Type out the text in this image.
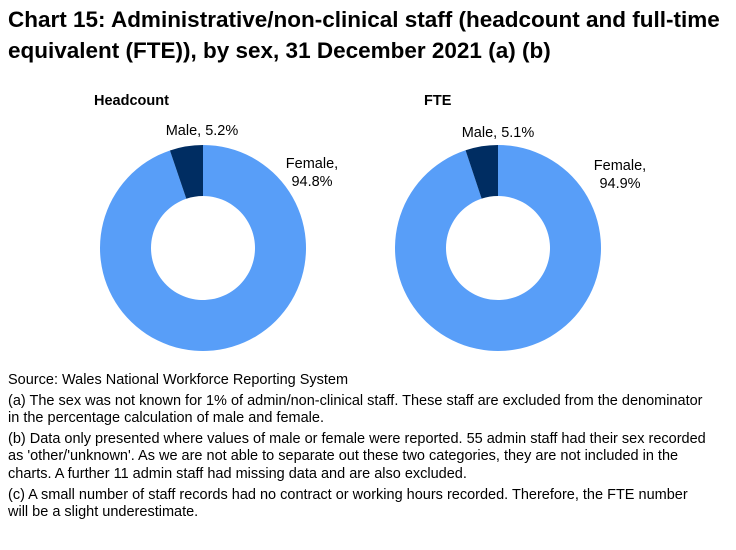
Chart 15: Administrative/non-clinical staff (headcount and full-time equivalent (FTE)), by sex, 31 December 2021 (a) (b)
Headcount
Male, 5.2%
Female, 94.8%
FTE
Male, 5.1%
Female, 94.9%

Source: Wales National Workforce Reporting System

(a) The sex was not known for 1% of admin/non-clinical staff. These staff are excluded from the denominator in the percentage calculation of male and female.

(b) Data only presented where values of male or female were reported. 55 admin staff had their sex recorded as 'other/'unknown'. As we are not able to separate out these two categories, they are not included in the charts. A further 11 admin staff had missing data and are also excluded.

(c) A small number of staff records had no contract or working hours recorded. Therefore, the FTE number will be a slight underestimate.
